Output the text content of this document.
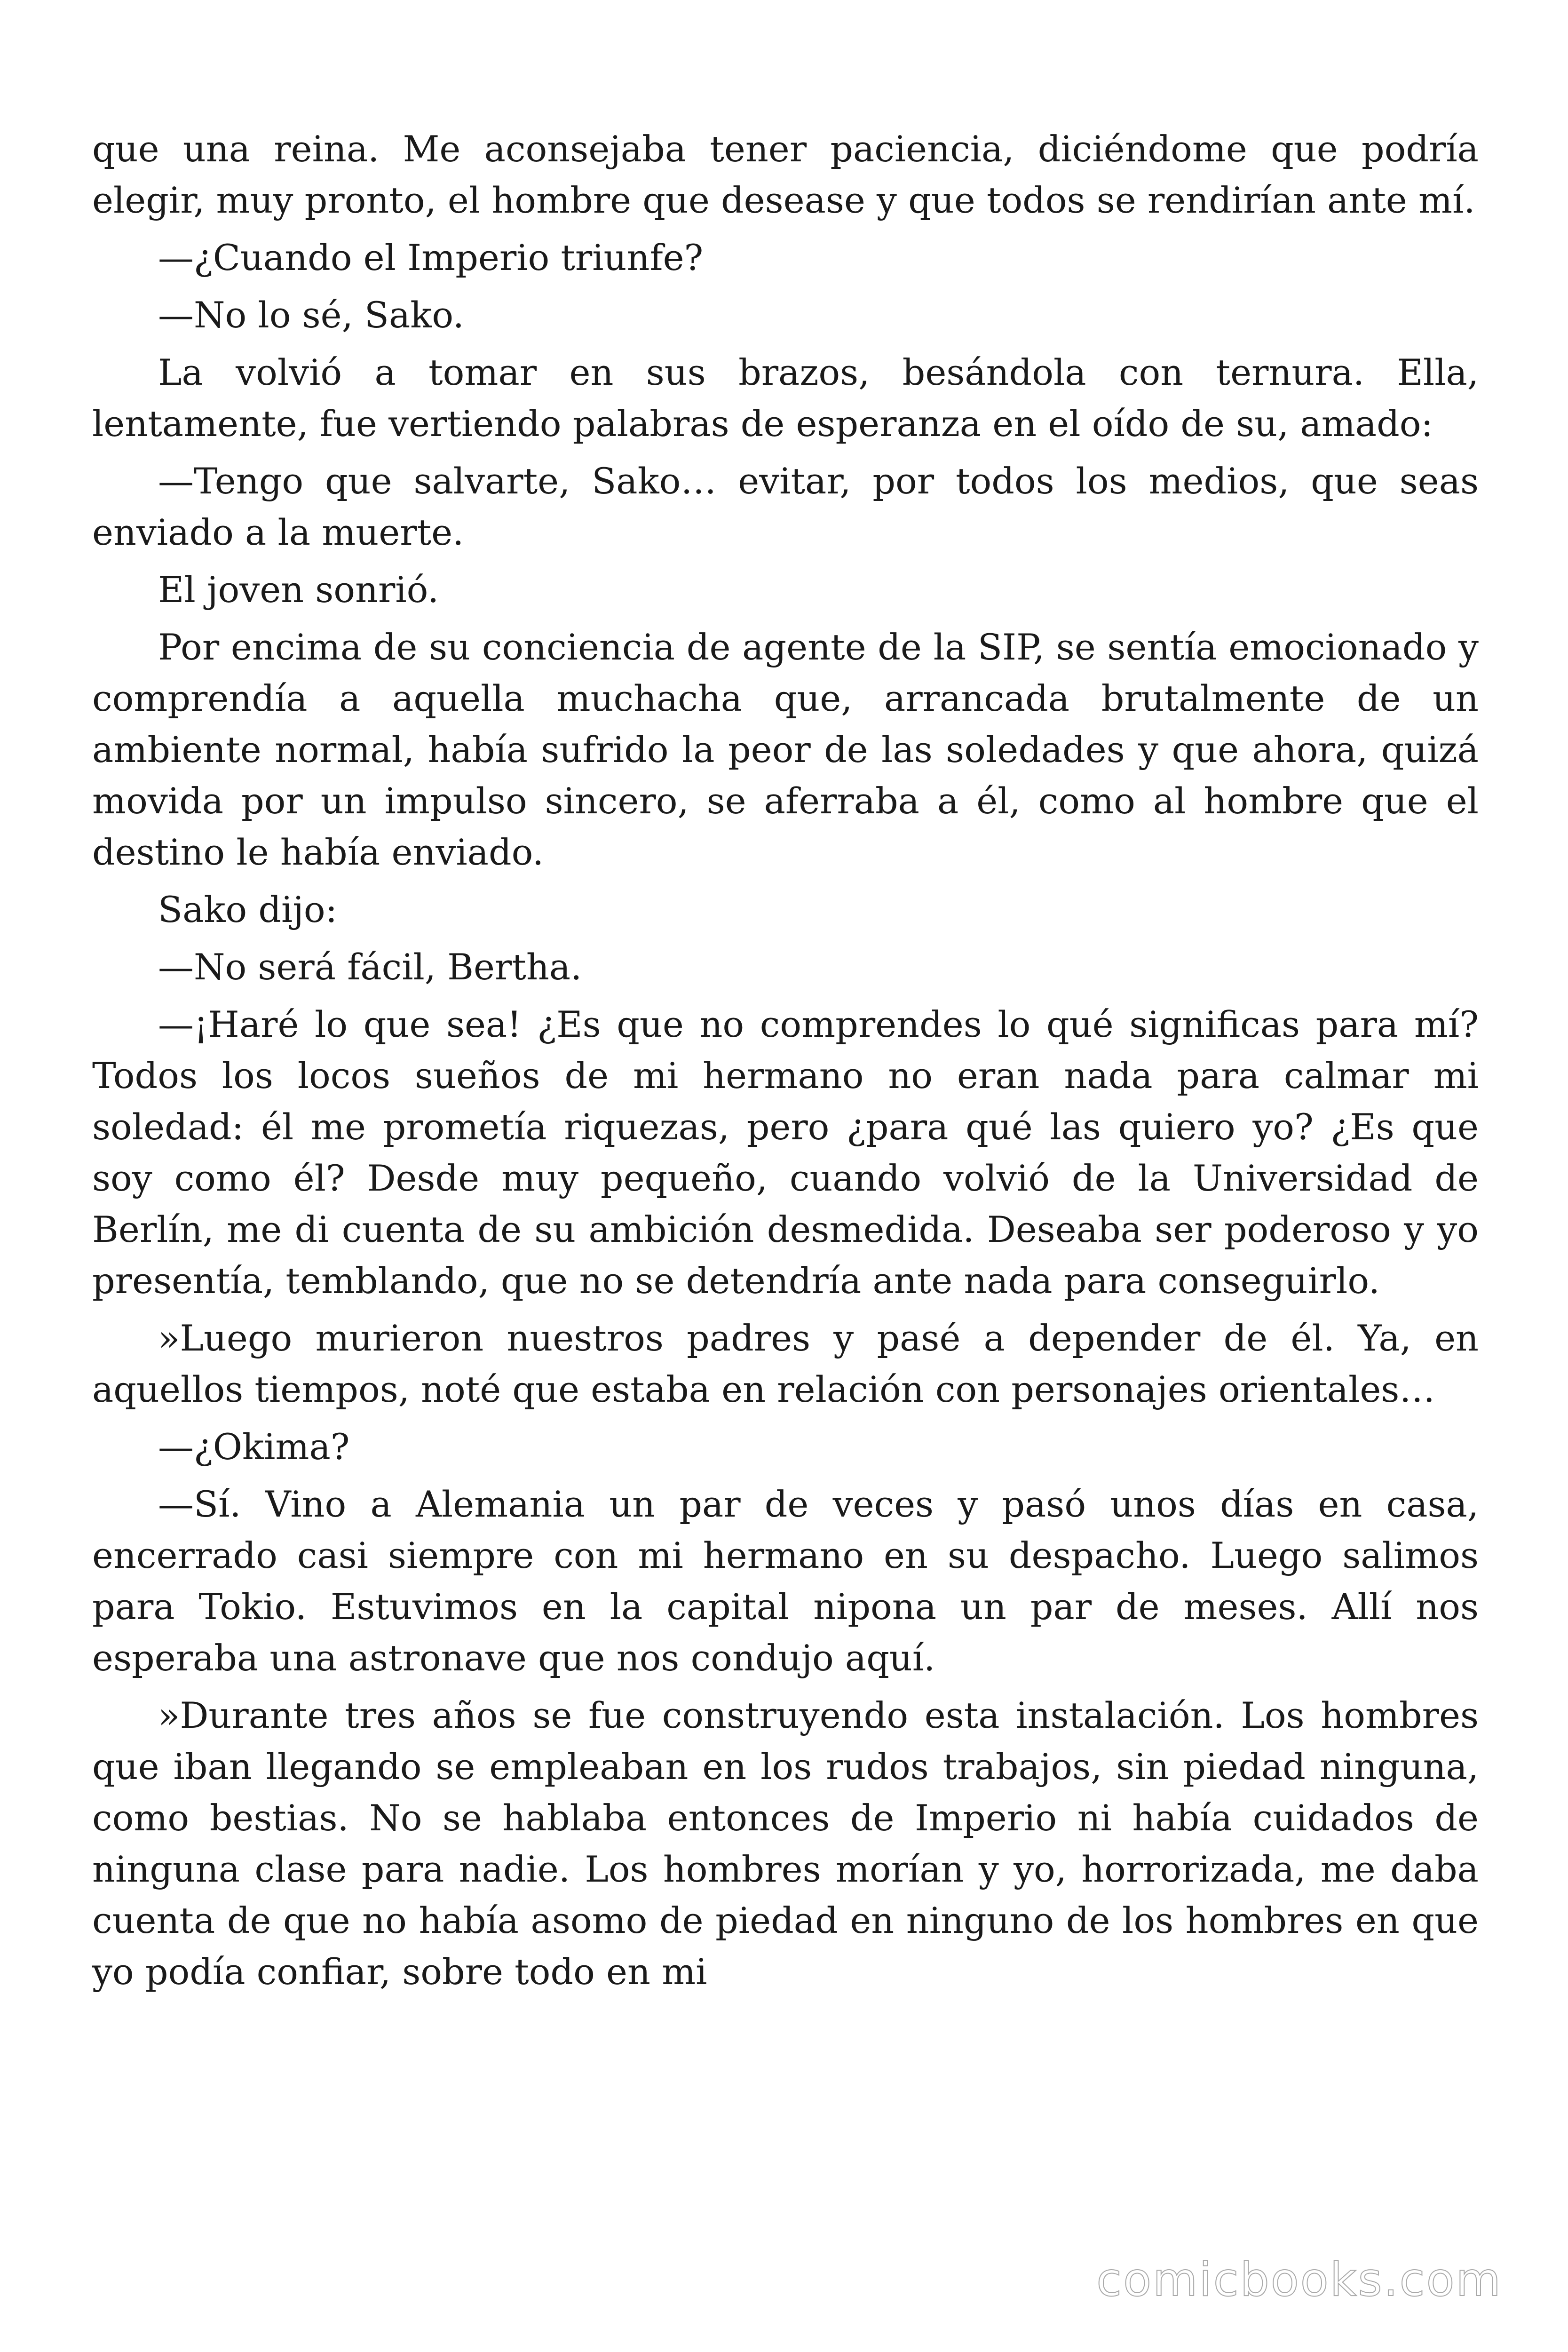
que una reina. Me aconsejaba tener paciencia, diciéndome que podría elegir, muy pronto, el hombre que desease y que todos se rendirían ante mí.

—¿Cuando el Imperio triunfe?

—No lo sé, Sako.

La volvió a tomar en sus brazos, besándola con ternura. Ella, lentamente, fue vertiendo palabras de esperanza en el oído de su, amado:

—Tengo que salvarte, Sako… evitar, por todos los medios, que seas enviado a la muerte.

El joven sonrió.

Por encima de su conciencia de agente de la SIP, se sentía emocionado y comprendía a aquella muchacha que, arrancada brutalmente de un ambiente normal, había sufrido la peor de las soledades y que ahora, quizá movida por un impulso sincero, se aferraba a él, como al hombre que el destino le había enviado.

Sako dijo:

—No será fácil, Bertha.

—¡Haré lo que sea! ¿Es que no comprendes lo qué significas para mí? Todos los locos sueños de mi hermano no eran nada para calmar mi soledad: él me prometía riquezas, pero ¿para qué las quiero yo? ¿Es que soy como él? Desde muy pequeño, cuando volvió de la Universidad de Berlín, me di cuenta de su ambición desmedida. Deseaba ser poderoso y yo presentía, temblando, que no se detendría ante nada para conseguirlo.

»Luego murieron nuestros padres y pasé a depender de él. Ya, en aquellos tiempos, noté que estaba en relación con personajes orientales…

—¿Okima?

—Sí. Vino a Alemania un par de veces y pasó unos días en casa, encerrado casi siempre con mi hermano en su despacho. Luego salimos para Tokio. Estuvimos en la capital nipona un par de meses. Allí nos esperaba una astronave que nos condujo aquí.

»Durante tres años se fue construyendo esta instalación. Los hombres que iban llegando se empleaban en los rudos trabajos, sin piedad ninguna, como bestias. No se hablaba entonces de Imperio ni había cuidados de ninguna clase para nadie. Los hombres morían y yo, horrorizada, me daba cuenta de que no había asomo de piedad en ninguno de los hombres en que yo podía confiar, sobre todo en mi

comicbooks.com
